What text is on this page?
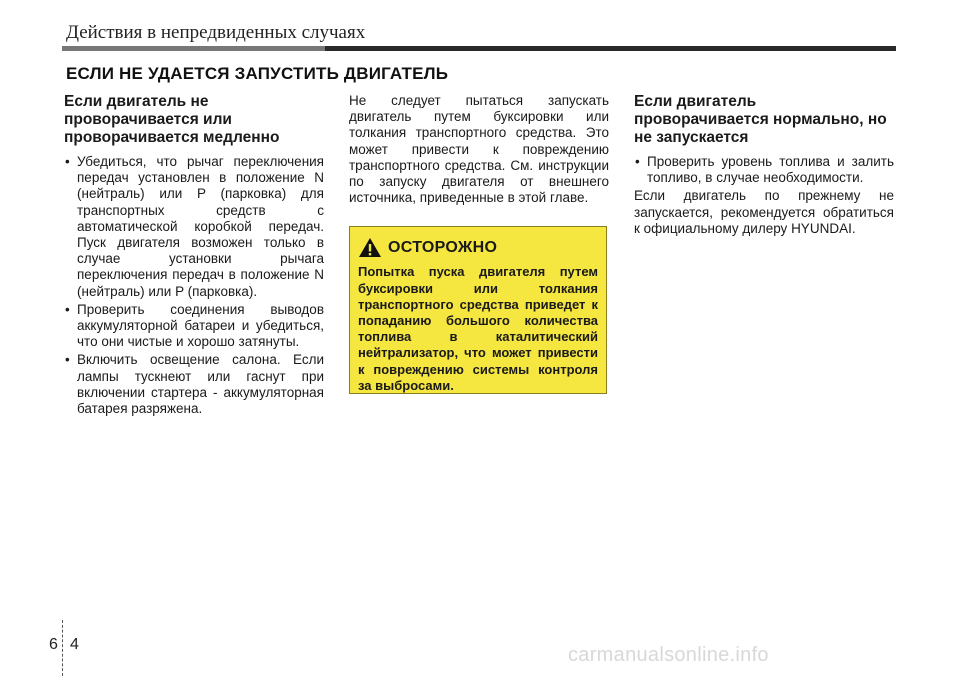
Действия в непредвиденных случаях
ЕСЛИ НЕ УДАЕТСЯ ЗАПУСТИТЬ ДВИГАТЕЛЬ
Если двигатель не проворачивается или проворачивается медленно
• Убедиться, что рычаг переключения передач установлен в положение N (нейтраль) или P (парковка) для транспортных средств с автоматической коробкой передач. Пуск двигателя возможен только в случае установки рычага переключения передач в положение N (нейтраль) или P (парковка).
• Проверить соединения выводов аккумуляторной батареи и убедиться, что они чистые и хорошо затянуты.
• Включить освещение салона. Если лампы тускнеют или гаснут при включении стартера - аккумуляторная батарея разряжена.

Не следует пытаться запускать двигатель путем буксировки или толкания транспортного средства. Это может привести к повреждению транспортного средства. См. инструкции по запуску двигателя от внешнего источника, приведенные в этой главе.

ОСТОРОЖНО
Попытка пуска двигателя путем буксировки или толкания транспортного средства приведет к попаданию большого количества топлива в каталитический нейтрализатор, что может привести к повреждению системы контроля за выбросами.
Если двигатель проворачивается нормально, но не запускается
• Проверить уровень топлива и залить топливо, в случае необходимости.

Если двигатель по прежнему не запускается, рекомендуется обратиться к официальному дилеру HYUNDAI.

6 4	carmanualsonline.info
